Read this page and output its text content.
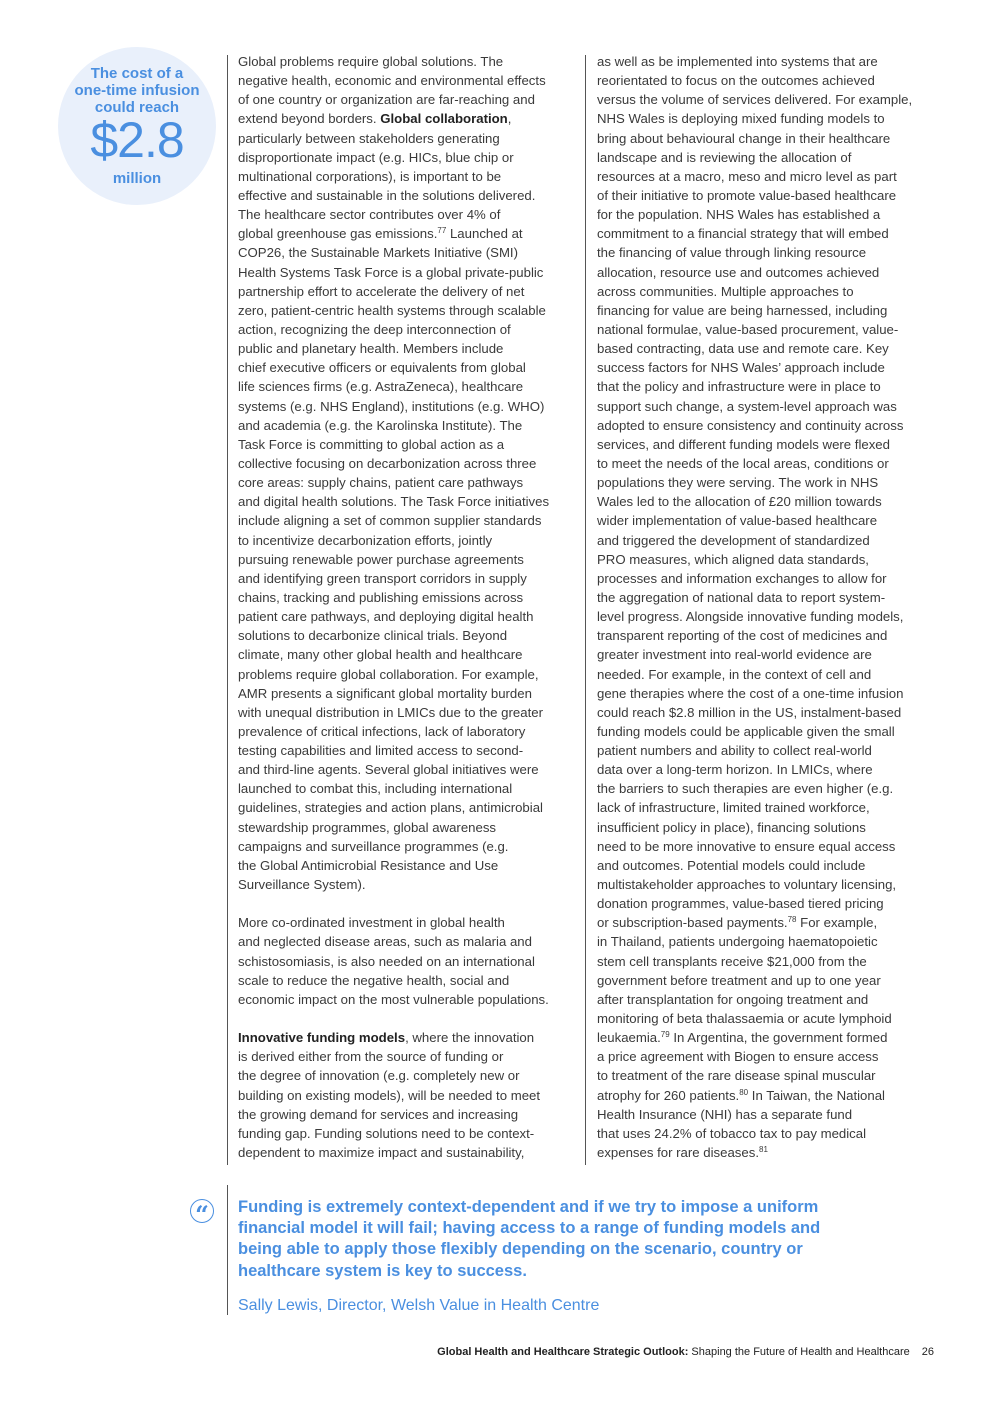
The cost of a
one-time infusion
could reach
$2.8
million
Global problems require global solutions. The
negative health, economic and environmental effects
of one country or organization are far-reaching and
extend beyond borders. Global collaboration,
particularly between stakeholders generating
disproportionate impact (e.g. HICs, blue chip or
multinational corporations), is important to be
effective and sustainable in the solutions delivered.
The healthcare sector contributes over 4% of
global greenhouse gas emissions.$^{77}$ Launched at
COP26, the Sustainable Markets Initiative (SMI)
Health Systems Task Force is a global private-public
partnership effort to accelerate the delivery of net
zero, patient-centric health systems through scalable
action, recognizing the deep interconnection of
public and planetary health. Members include
chief executive officers or equivalents from global
life sciences firms (e.g. AstraZeneca), healthcare
systems (e.g. NHS England), institutions (e.g. WHO)
and academia (e.g. the Karolinska Institute). The
Task Force is committing to global action as a
collective focusing on decarbonization across three
core areas: supply chains, patient care pathways
and digital health solutions. The Task Force initiatives
include aligning a set of common supplier standards
to incentivize decarbonization efforts, jointly
pursuing renewable power purchase agreements
and identifying green transport corridors in supply
chains, tracking and publishing emissions across
patient care pathways, and deploying digital health
solutions to decarbonize clinical trials. Beyond
climate, many other global health and healthcare
problems require global collaboration. For example,
AMR presents a significant global mortality burden
with unequal distribution in LMICs due to the greater
prevalence of critical infections, lack of laboratory
testing capabilities and limited access to second-
and third-line agents. Several global initiatives were
launched to combat this, including international
guidelines, strategies and action plans, antimicrobial
stewardship programmes, global awareness
campaigns and surveillance programmes (e.g.
the Global Antimicrobial Resistance and Use
Surveillance System).
More co-ordinated investment in global health
and neglected disease areas, such as malaria and
schistosomiasis, is also needed on an international
scale to reduce the negative health, social and
economic impact on the most vulnerable populations.
Innovative funding models, where the innovation
is derived either from the source of funding or
the degree of innovation (e.g. completely new or
building on existing models), will be needed to meet
the growing demand for services and increasing
funding gap. Funding solutions need to be context-
dependent to maximize impact and sustainability,
as well as be implemented into systems that are
reorientated to focus on the outcomes achieved
versus the volume of services delivered. For example,
NHS Wales is deploying mixed funding models to
bring about behavioural change in their healthcare
landscape and is reviewing the allocation of
resources at a macro, meso and micro level as part
of their initiative to promote value-based healthcare
for the population. NHS Wales has established a
commitment to a financial strategy that will embed
the financing of value through linking resource
allocation, resource use and outcomes achieved
across communities. Multiple approaches to
financing for value are being harnessed, including
national formulae, value-based procurement, value-
based contracting, data use and remote care. Key
success factors for NHS Wales’ approach include
that the policy and infrastructure were in place to
support such change, a system-level approach was
adopted to ensure consistency and continuity across
services, and different funding models were flexed
to meet the needs of the local areas, conditions or
populations they were serving. The work in NHS
Wales led to the allocation of £20 million towards
wider implementation of value-based healthcare
and triggered the development of standardized
PRO measures, which aligned data standards,
processes and information exchanges to allow for
the aggregation of national data to report system-
level progress. Alongside innovative funding models,
transparent reporting of the cost of medicines and
greater investment into real-world evidence are
needed. For example, in the context of cell and
gene therapies where the cost of a one-time infusion
could reach $2.8 million in the US, instalment-based
funding models could be applicable given the small
patient numbers and ability to collect real-world
data over a long-term horizon. In LMICs, where
the barriers to such therapies are even higher (e.g.
lack of infrastructure, limited trained workforce,
insufficient policy in place), financing solutions
need to be more innovative to ensure equal access
and outcomes. Potential models could include
multistakeholder approaches to voluntary licensing,
donation programmes, value-based tiered pricing
or subscription-based payments.$^{78}$ For example,
in Thailand, patients undergoing haematopoietic
stem cell transplants receive $21,000 from the
government before treatment and up to one year
after transplantation for ongoing treatment and
monitoring of beta thalassaemia or acute lymphoid
leukaemia.$^{79}$ In Argentina, the government formed
a price agreement with Biogen to ensure access
to treatment of the rare disease spinal muscular
atrophy for 260 patients.$^{80}$ In Taiwan, the National
Health Insurance (NHI) has a separate fund
that uses 24.2% of tobacco tax to pay medical
expenses for rare diseases.$^{81}$
“	Funding is extremely context-dependent and if we try to impose a uniform
financial model it will fail; having access to a range of funding models and
being able to apply those flexibly depending on the scenario, country or
healthcare system is key to success.
Sally Lewis, Director, Welsh Value in Health Centre
Global Health and Healthcare Strategic Outlook: Shaping the Future of Health and Healthcare 26
